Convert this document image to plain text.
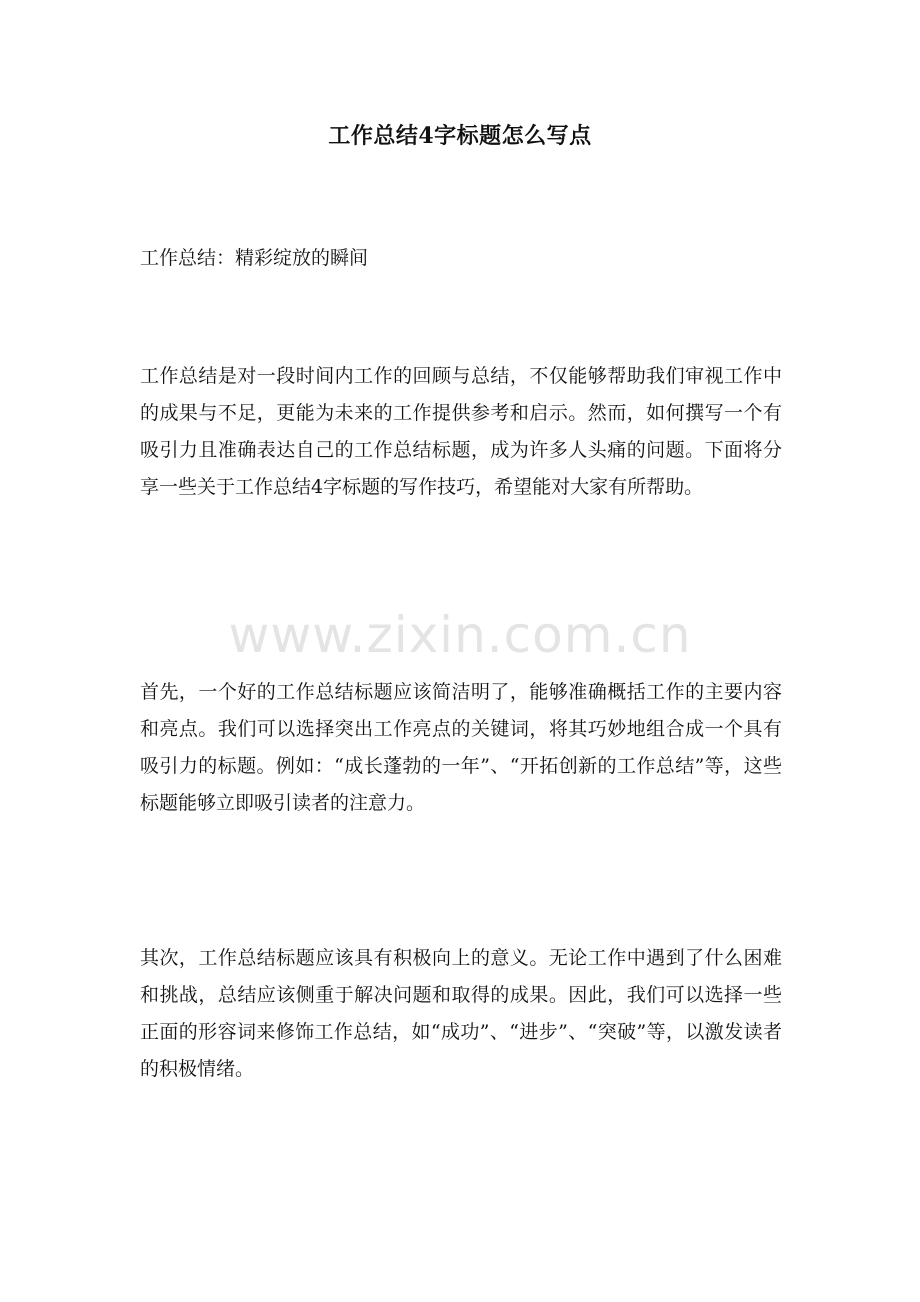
工作总结4字标题怎么写点
工作总结：精彩绽放的瞬间
工作总结是对一段时间内工作的回顾与总结，不仅能够帮助我们审视工作中的成果与不足，更能为未来的工作提供参考和启示。然而，如何撰写一个有吸引力且准确表达自己的工作总结标题，成为许多人头痛的问题。下面将分享一些关于工作总结4字标题的写作技巧，希望能对大家有所帮助。
www.zixin.com.cn
首先，一个好的工作总结标题应该简洁明了，能够准确概括工作的主要内容和亮点。我们可以选择突出工作亮点的关键词，将其巧妙地组合成一个具有吸引力的标题。例如：“成长蓬勃的一年”、“开拓创新的工作总结”等，这些标题能够立即吸引读者的注意力。
其次，工作总结标题应该具有积极向上的意义。无论工作中遇到了什么困难和挑战，总结应该侧重于解决问题和取得的成果。因此，我们可以选择一些正面的形容词来修饰工作总结，如“成功”、“进步”、“突破”等，以激发读者的积极情绪。
